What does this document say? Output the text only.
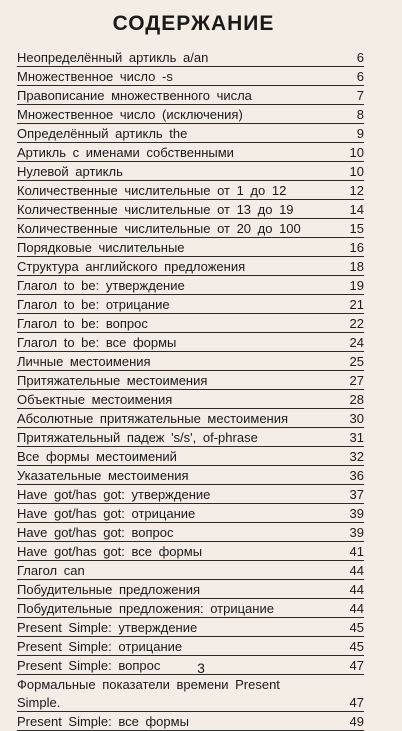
СОДЕРЖАНИЕ
Неопределённый артикль a/an	6
Множественное число -s	6
Правописание множественного числа	7
Множественное число (исключения)	8
Определённый артикль the	9
Артикль с именами собственными	10
Нулевой артикль	10
Количественные числительные от 1 до 12	12
Количественные числительные от 13 до 19	14
Количественные числительные от 20 до 100	15
Порядковые числительные	16
Структура английского предложения	18
Глагол to be: утверждение	19
Глагол to be: отрицание	21
Глагол to be: вопрос	22
Глагол to be: все формы	24
Личные местоимения	25
Притяжательные местоимения	27
Объектные местоимения	28
Абсолютные притяжательные местоимения	30
Притяжательный падеж 's/s', of-phrase	31
Все формы местоимений	32
Указательные местоимения	36
Have got/has got: утверждение	37
Have got/has got: отрицание	39
Have got/has got: вопрос	39
Have got/has got: все формы	41
Глагол can	44
Побудительные предложения	44
Побудительные предложения: отрицание	44
Present Simple: утверждение	45
Present Simple: отрицание	45
Present Simple: вопрос	47
Формальные показатели времени Present
Simple.	47
Present Simple: все формы	49
3
